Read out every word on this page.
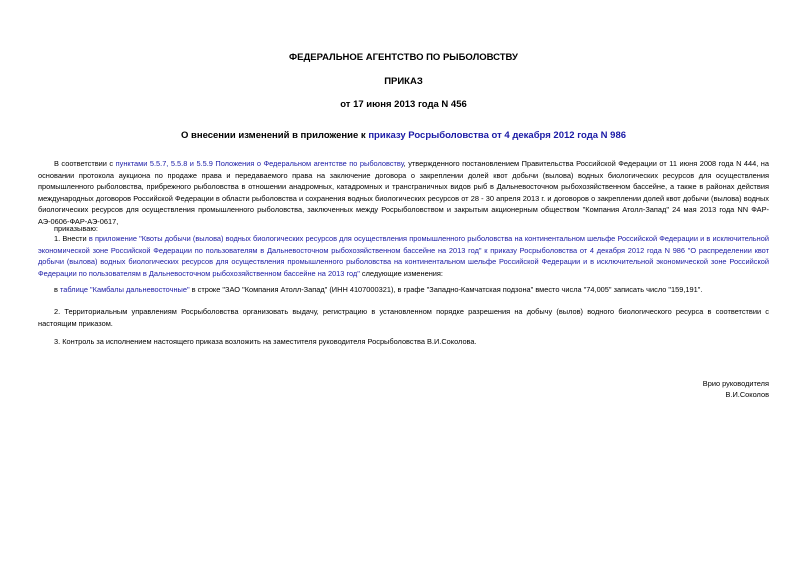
ФЕДЕРАЛЬНОЕ АГЕНТСТВО ПО РЫБОЛОВСТВУ
ПРИКАЗ
от 17 июня 2013 года N 456
О внесении изменений в приложение к приказу Росрыболовства от 4 декабря 2012 года N 986
В соответствии с пунктами 5.5.7, 5.5.8 и 5.5.9 Положения о Федеральном агентстве по рыболовству, утвержденного постановлением Правительства Российской Федерации от 11 июня 2008 года N 444, на основании протокола аукциона по продаже права и передаваемого права на заключение договора о закреплении долей квот добычи (вылова) водных биологических ресурсов для осуществления промышленного рыболовства, прибрежного рыболовства в отношении анадромных, катадромных и трансграничных видов рыб в Дальневосточном рыбохозяйственном бассейне, а также в районах действия международных договоров Российской Федерации в области рыболовства и сохранения водных биологических ресурсов от 28 - 30 апреля 2013 г. и договоров о закреплении долей квот добычи (вылова) водных биологических ресурсов для осуществления промышленного рыболовства, заключенных между Росрыболовством и закрытым акционерным обществом "Компания Атолл-Запад" 24 мая 2013 года NN ФАР-АЭ-0606-ФАР-АЭ-0617,
приказываю:
1. Внести в приложение "Квоты добычи (вылова) водных биологических ресурсов для осуществления промышленного рыболовства на континентальном шельфе Российской Федерации и в исключительной экономической зоне Российской Федерации по пользователям в Дальневосточном рыбохозяйственном бассейне на 2013 год" к приказу Росрыболовства от 4 декабря 2012 года N 986 "О распределении квот добычи (вылова) водных биологических ресурсов для осуществления промышленного рыболовства на континентальном шельфе Российской Федерации и в исключительной экономической зоне Российской Федерации по пользователям в Дальневосточном рыбохозяйственном бассейне на 2013 год" следующие изменения:
в таблице "Камбалы дальневосточные" в строке "ЗАО "Компания Атолл-Запад" (ИНН 4107000321), в графе "Западно-Камчатская подзона" вместо числа "74,005" записать число "159,191".
2. Территориальным управлениям Росрыболовства организовать выдачу, регистрацию в установленном порядке разрешения на добычу (вылов) водного биологического ресурса в соответствии с настоящим приказом.
3. Контроль за исполнением настоящего приказа возложить на заместителя руководителя Росрыболовства В.И.Соколова.
Врио руководителя
В.И.Соколов
